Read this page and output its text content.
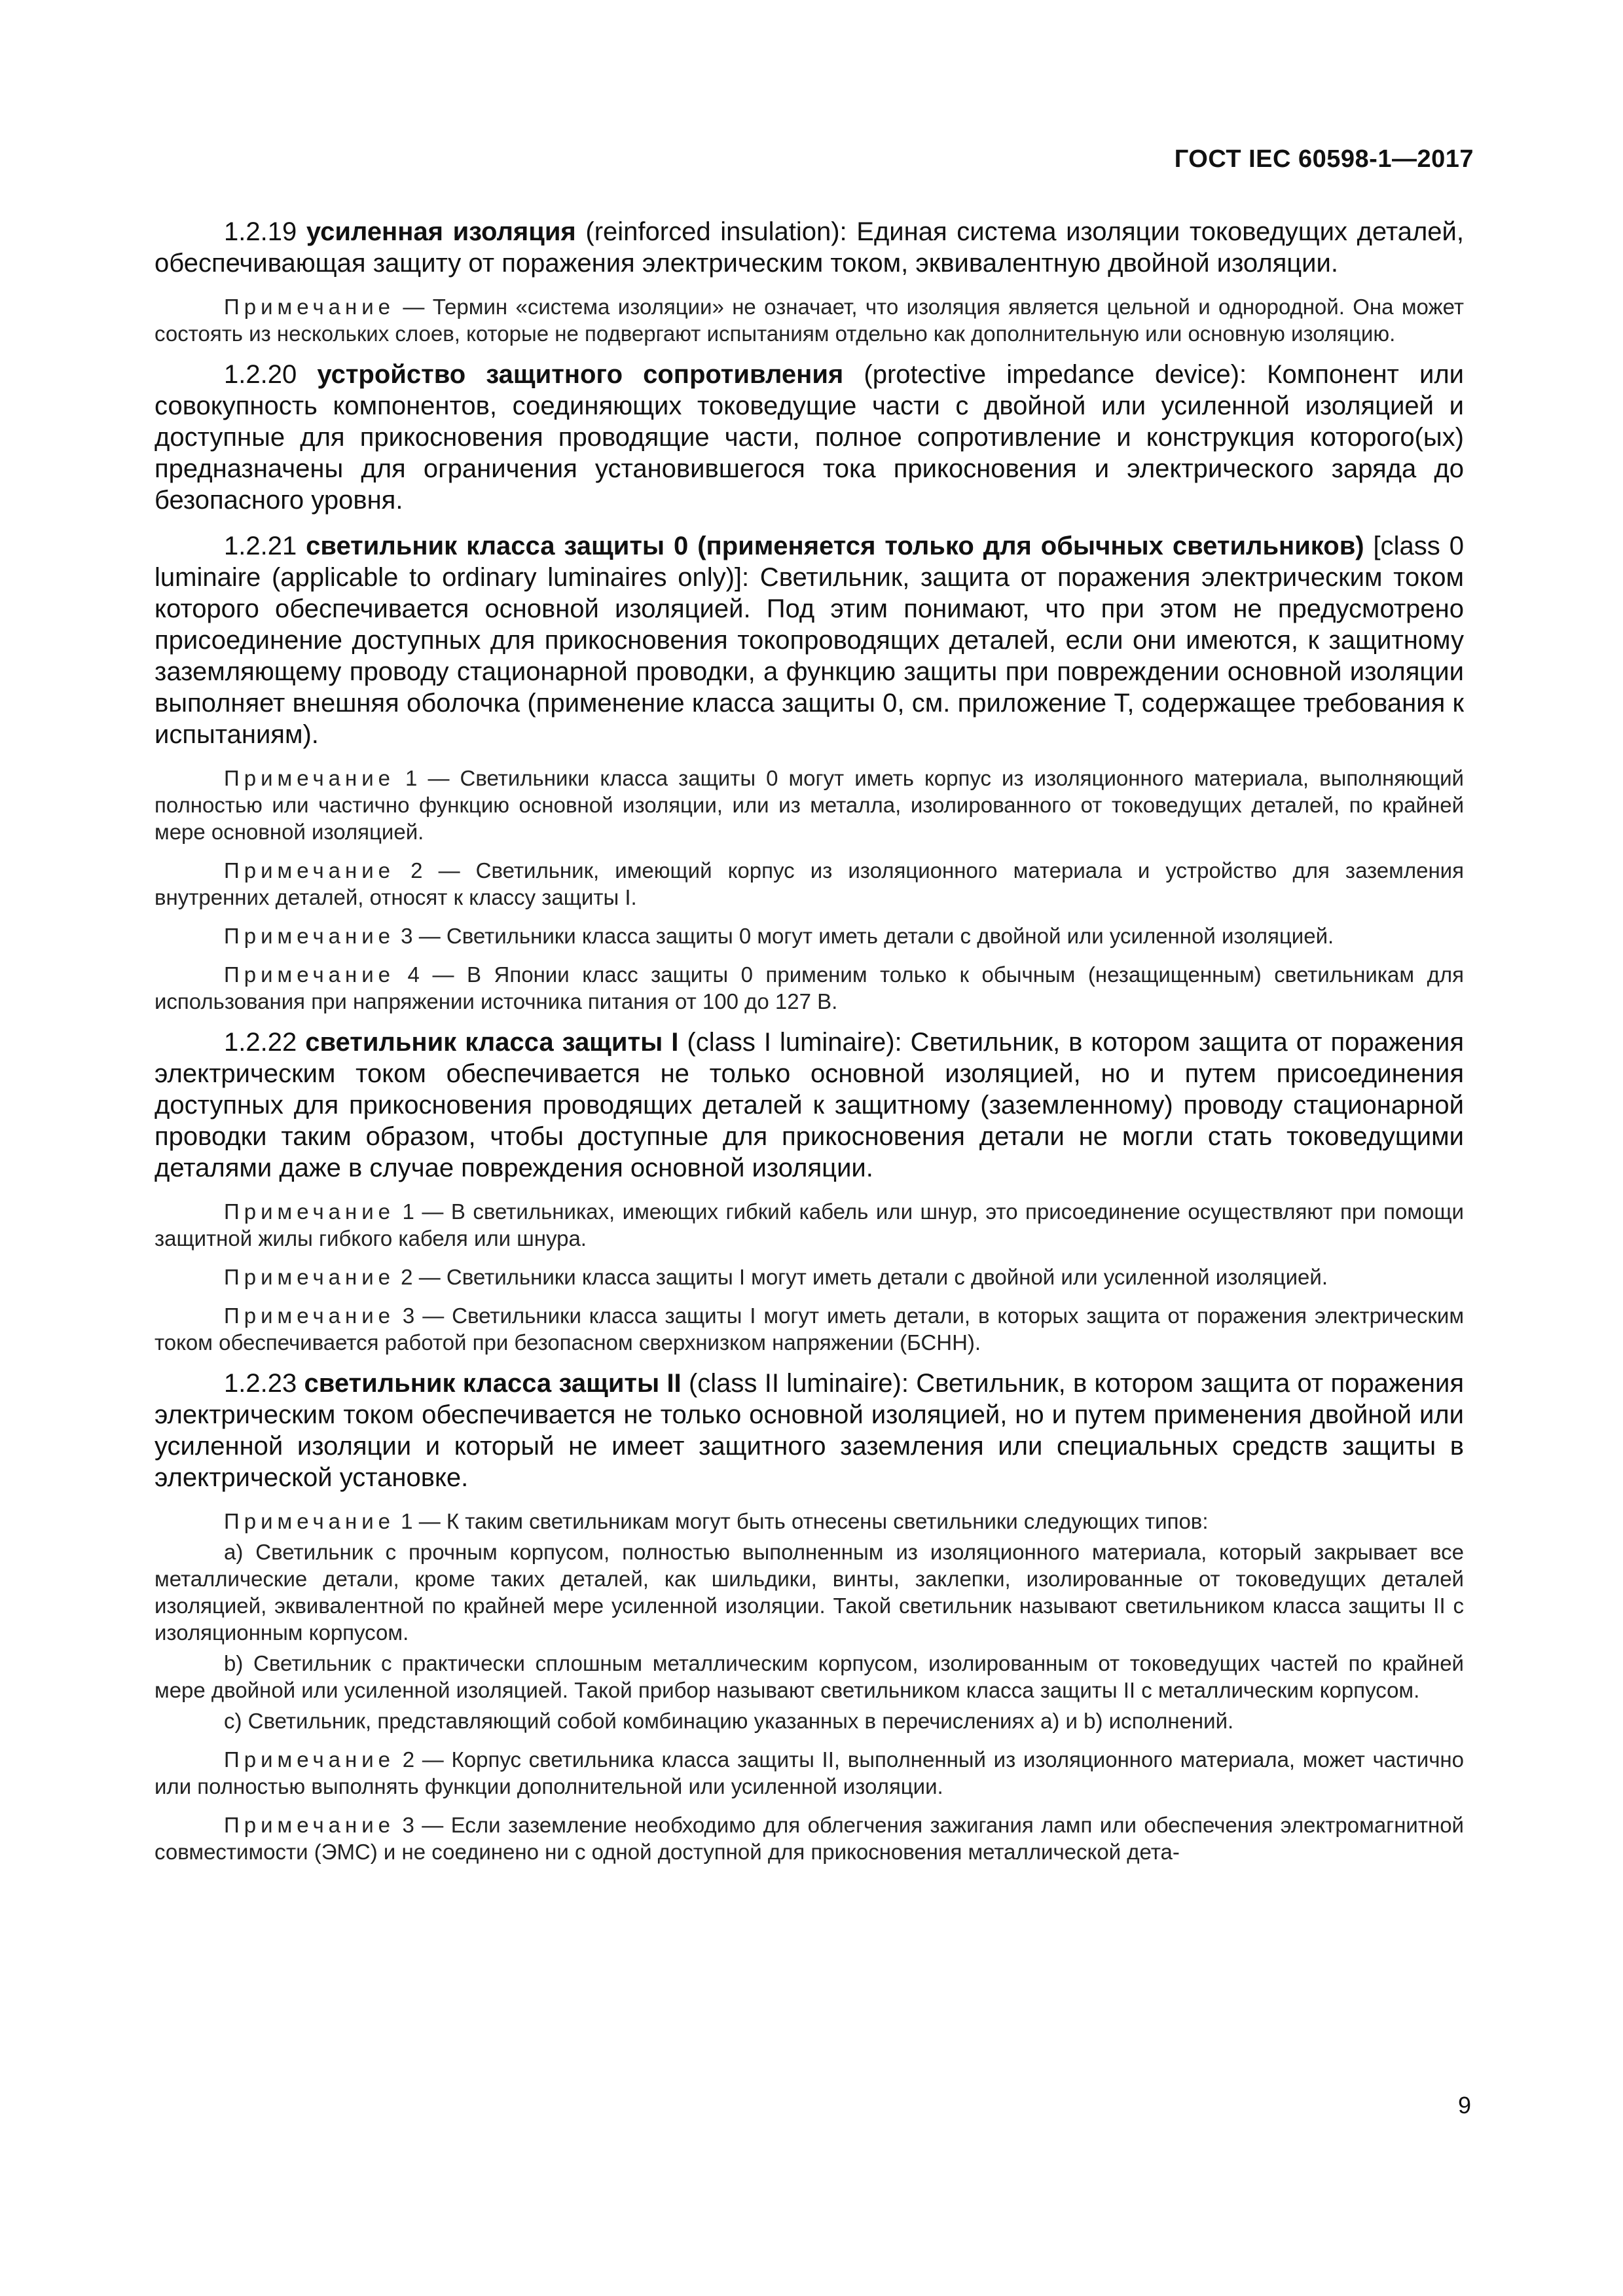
ГОСТ IEC 60598-1—2017

1.2.19 усиленная изоляция (reinforced insulation): Единая система изоляции токоведущих деталей, обеспечивающая защиту от поражения электрическим током, эквивалентную двойной изоляции.

Примечание — Термин «система изоляции» не означает, что изоляция является цельной и однородной. Она может состоять из нескольких слоев, которые не подвергают испытаниям отдельно как дополнительную или основную изоляцию.

1.2.20 устройство защитного сопротивления (protective impedance device): Компонент или совокупность компонентов, соединяющих токоведущие части с двойной или усиленной изоляцией и доступные для прикосновения проводящие части, полное сопротивление и конструкция которого(ых) предназначены для ограничения установившегося тока прикосновения и электрического заряда до безопасного уровня.

1.2.21 светильник класса защиты 0 (применяется только для обычных светильников) [class 0 luminaire (applicable to ordinary luminaires only)]: Светильник, защита от поражения электрическим током которого обеспечивается основной изоляцией. Под этим понимают, что при этом не предусмотрено присоединение доступных для прикосновения токопроводящих деталей, если они имеются, к защитному заземляющему проводу стационарной проводки, а функцию защиты при повреждении основной изоляции выполняет внешняя оболочка (применение класса защиты 0, см. приложение Т, содержащее требования к испытаниям).

Примечание 1 — Светильники класса защиты 0 могут иметь корпус из изоляционного материала, выполняющий полностью или частично функцию основной изоляции, или из металла, изолированного от токоведущих деталей, по крайней мере основной изоляцией.

Примечание 2 — Светильник, имеющий корпус из изоляционного материала и устройство для заземления внутренних деталей, относят к классу защиты I.

Примечание 3 — Светильники класса защиты 0 могут иметь детали с двойной или усиленной изоляцией.

Примечание 4 — В Японии класс защиты 0 применим только к обычным (незащищенным) светильникам для использования при напряжении источника питания от 100 до 127 В.

1.2.22 светильник класса защиты I (class I luminaire): Светильник, в котором защита от поражения электрическим током обеспечивается не только основной изоляцией, но и путем присоединения доступных для прикосновения проводящих деталей к защитному (заземленному) проводу стационарной проводки таким образом, чтобы доступные для прикосновения детали не могли стать токоведущими деталями даже в случае повреждения основной изоляции.

Примечание 1 — В светильниках, имеющих гибкий кабель или шнур, это присоединение осуществляют при помощи защитной жилы гибкого кабеля или шнура.

Примечание 2 — Светильники класса защиты I могут иметь детали с двойной или усиленной изоляцией.

Примечание 3 — Светильники класса защиты I могут иметь детали, в которых защита от поражения электрическим током обеспечивается работой при безопасном сверхнизком напряжении (БСНН).

1.2.23 светильник класса защиты II (class II luminaire): Светильник, в котором защита от поражения электрическим током обеспечивается не только основной изоляцией, но и путем применения двойной или усиленной изоляции и который не имеет защитного заземления или специальных средств защиты в электрической установке.

Примечание 1 — К таким светильникам могут быть отнесены светильники следующих типов:

а) Светильник с прочным корпусом, полностью выполненным из изоляционного материала, который закрывает все металлические детали, кроме таких деталей, как шильдики, винты, заклепки, изолированные от токоведущих деталей изоляцией, эквивалентной по крайней мере усиленной изоляции. Такой светильник называют светильником класса защиты II с изоляционным корпусом.

b) Светильник с практически сплошным металлическим корпусом, изолированным от токоведущих частей по крайней мере двойной или усиленной изоляцией. Такой прибор называют светильником класса защиты II с металлическим корпусом.

с) Светильник, представляющий собой комбинацию указанных в перечислениях а) и b) исполнений.

Примечание 2 — Корпус светильника класса защиты II, выполненный из изоляционного материала, может частично или полностью выполнять функции дополнительной или усиленной изоляции.

Примечание 3 — Если заземление необходимо для облегчения зажигания ламп или обеспечения электромагнитной совместимости (ЭМС) и не соединено ни с одной доступной для прикосновения металлической дета-

9
